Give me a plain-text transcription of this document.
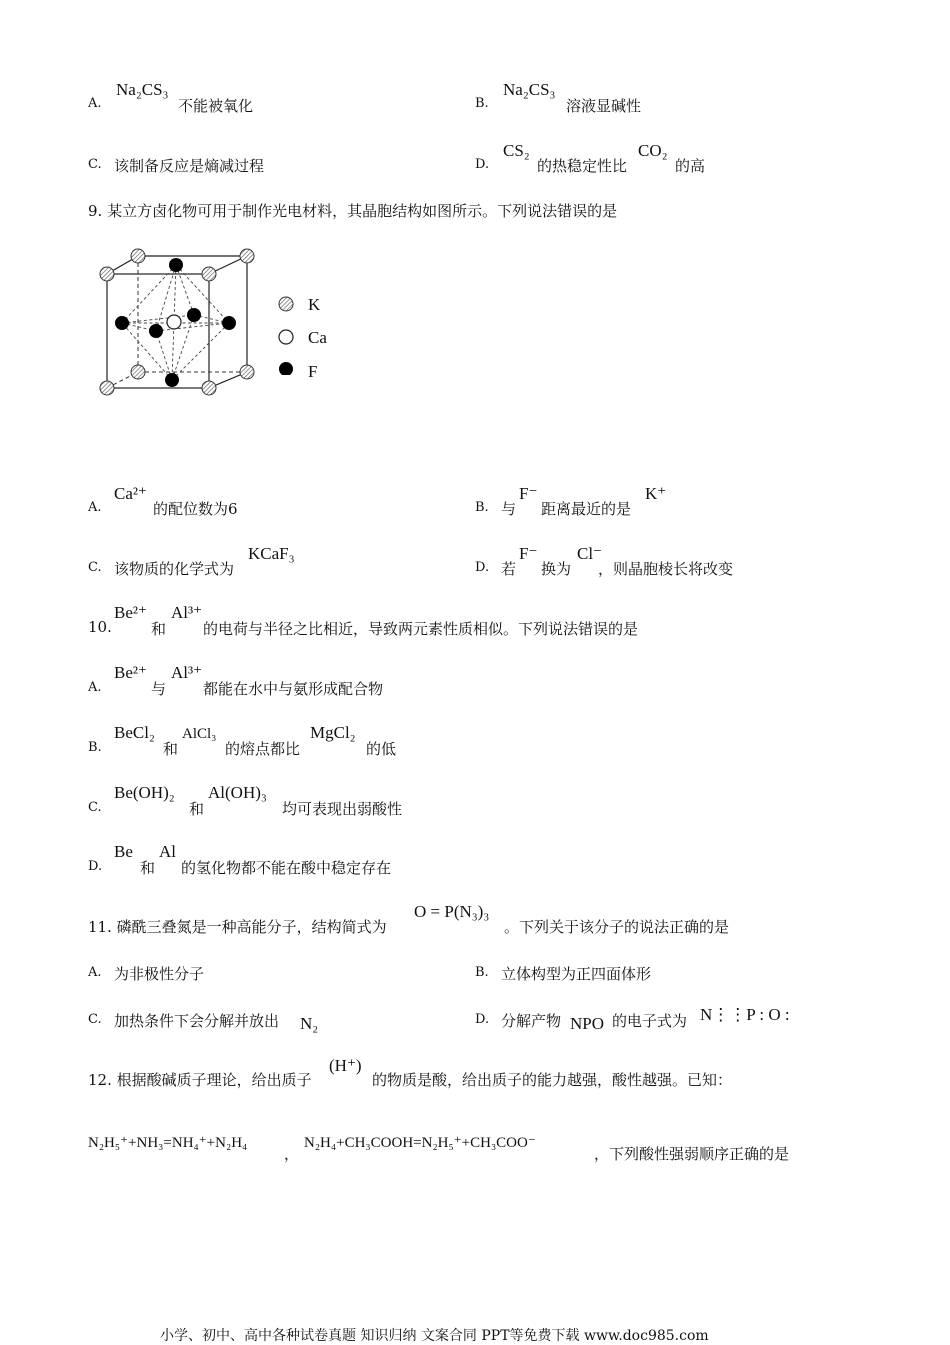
A.
Na₂CS₃
不能被氧化	B.
Na₂CS₃
溶液显碱性
C. 该制备反应是熵减过程	D.
CS₂
的热稳定性比
CO₂
的高
9. 某立方卤化物可用于制作光电材料，其晶胞结构如图所示。下列说法错误的是
K
Ca
F
A.
Ca²⁺
的配位数为6	B. 与
F⁻
距离最近的是
K⁺
C. 该物质的化学式为
KCaF₃
D. 若
F⁻
换为
Cl⁻
，则晶胞棱长将改变
10.
Be²⁺
和
Al³⁺
的电荷与半径之比相近，导致两元素性质相似。下列说法错误的是
A.
Be²⁺
与
Al³⁺
都能在水中与氨形成配合物
B.
BeCl₂
和
AlCl₃
的熔点都比
MgCl₂
的低
C.
Be(OH)₂
和
Al(OH)₃
均可表现出弱酸性
D.
Be
和
Al
的氢化物都不能在酸中稳定存在
11. 磷酰三叠氮是一种高能分子，结构简式为
O = P(N₃)₃
。下列关于该分子的说法正确的是
A. 为非极性分子	B. 立体构型为正四面体形
C. 加热条件下会分解并放出 N₂	D. 分解产物 NPO 的电子式为 N⋮⋮P : O :
12. 根据酸碱质子理论，给出质子
(H⁺)
的物质是酸，给出质子的能力越强，酸性越强。已知：
N₂H₅⁺+NH₃=NH₄⁺+N₂H₄
，
N₂H₄+CH₃COOH=N₂H₅⁺+CH₃COO⁻
，下列酸性强弱顺序正确的是
小学、初中、高中各种试卷真题 知识归纳 文案合同 PPT等免费下载 www.doc985.com
